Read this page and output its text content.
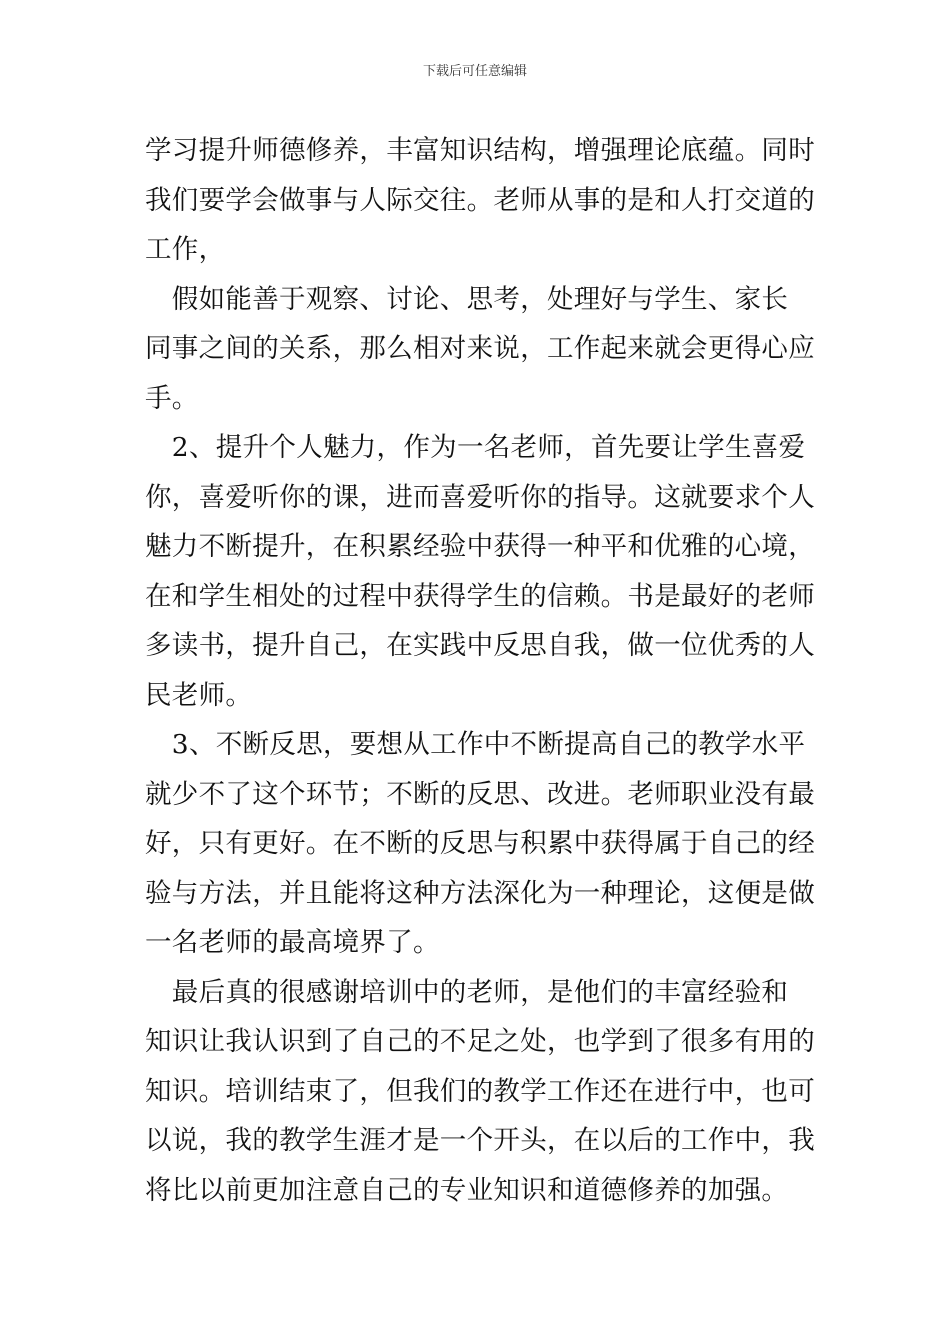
下载后可任意编辑

学习提升师德修养，丰富知识结构，增强理论底蕴。同时
我们要学会做事与人际交往。老师从事的是和人打交道的
工作，

　假如能善于观察、讨论、思考，处理好与学生、家长
同事之间的关系，那么相对来说，工作起来就会更得心应
手。

　2、提升个人魅力，作为一名老师，首先要让学生喜爱
你，喜爱听你的课，进而喜爱听你的指导。这就要求个人
魅力不断提升，在积累经验中获得一种平和优雅的心境，
在和学生相处的过程中获得学生的信赖。书是最好的老师
多读书，提升自己，在实践中反思自我，做一位优秀的人
民老师。

　3、不断反思，要想从工作中不断提高自己的教学水平
就少不了这个环节；不断的反思、改进。老师职业没有最
好，只有更好。在不断的反思与积累中获得属于自己的经
验与方法，并且能将这种方法深化为一种理论，这便是做
一名老师的最高境界了。

　最后真的很感谢培训中的老师，是他们的丰富经验和
知识让我认识到了自己的不足之处，也学到了很多有用的
知识。培训结束了，但我们的教学工作还在进行中，也可
以说，我的教学生涯才是一个开头，在以后的工作中，我
将比以前更加注意自己的专业知识和道德修养的加强。
